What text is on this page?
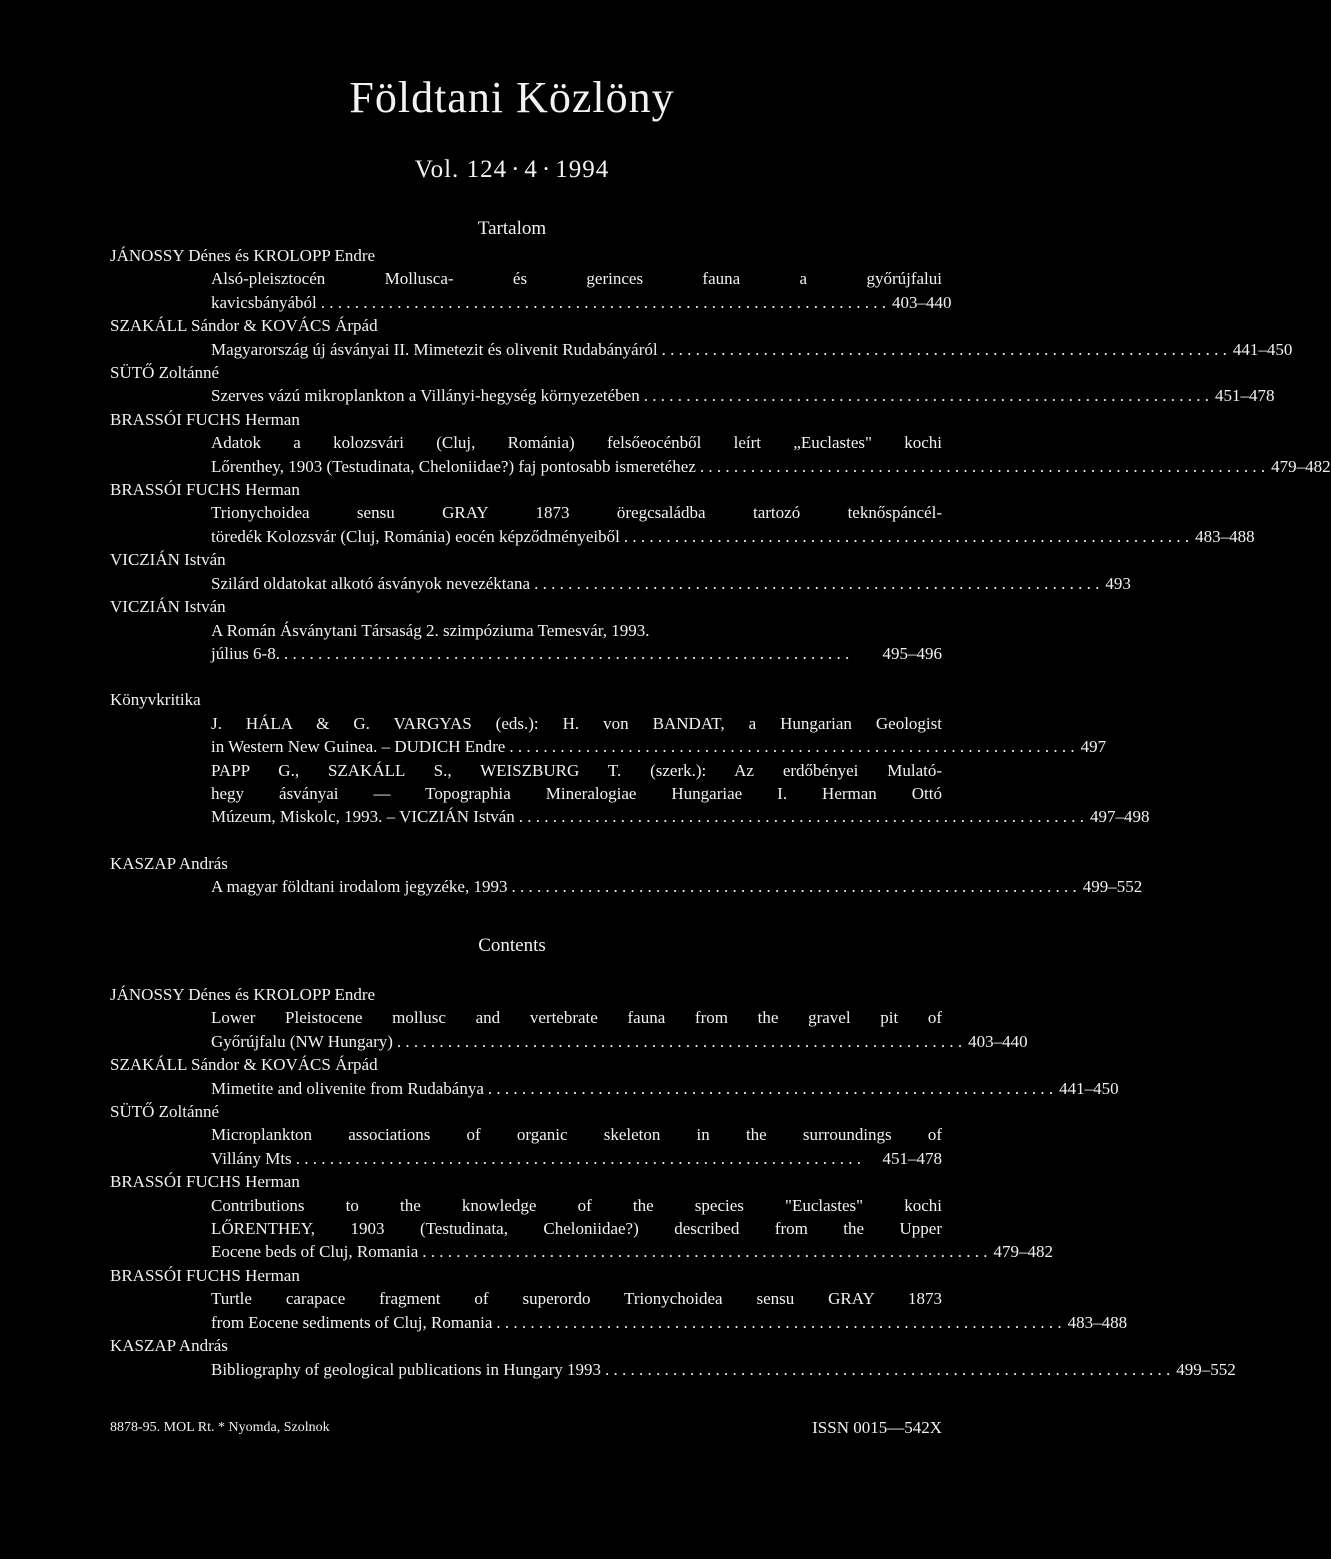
Földtani Közlöny
Vol. 124 · 4 · 1994
Tartalom
JÁNOSSY Dénes és KROLOPP Endre
Alsó-pleisztocén Mollusca- és gerinces fauna a győrújfalui
kavicsbányából . . .	403–440
SZAKÁLL Sándor & KOVÁCS Árpád
Magyarország új ásványai II. Mimetezit és olivenit Rudabányáról . . .	441–450
SÜTŐ Zoltánné
Szerves vázú mikroplankton a Villányi-hegység környezetében . . .	451–478
BRASSÓI FUCHS Herman
Adatok a kolozsvári (Cluj, Románia) felsőeocénből leírt „Euclastes" kochi
Lőrenthey, 1903 (Testudinata, Cheloniidae?) faj pontosabb ismeretéhez . . .	479–482
BRASSÓI FUCHS Herman
Trionychoidea sensu GRAY 1873 öregcsaládba tartozó teknőspáncél-
töredék Kolozsvár (Cluj, Románia) eocén képződményeiből . . .	483–488
VICZIÁN István
Szilárd oldatokat alkotó ásványok nevezéktana . . .	493
VICZIÁN István
A Román Ásványtani Társaság 2. szimpóziuma Temesvár, 1993.
július 6-8. . . .	495–496
Könyvkritika
J. HÁLA & G. VARGYAS (eds.): H. von BANDAT, a Hungarian Geologist
in Western New Guinea. – DUDICH Endre . . .	497
PAPP G., SZAKÁLL S., WEISZBURG T. (szerk.): Az erdőbényei Mulató-
hegy ásványai — Topographia Mineralogiae Hungariae I. Herman Ottó
Múzeum, Miskolc, 1993. – VICZIÁN István . . .	497–498
KASZAP András
A magyar földtani irodalom jegyzéke, 1993 . . .	499–552
Contents
JÁNOSSY Dénes és KROLOPP Endre
Lower Pleistocene mollusc and vertebrate fauna from the gravel pit of
Győrújfalu (NW Hungary) . . .	403–440
SZAKÁLL Sándor & KOVÁCS Árpád
Mimetite and olivenite from Rudabánya . . .	441–450
SÜTŐ Zoltánné
Microplankton associations of organic skeleton in the surroundings of
Villány Mts . . .	451–478
BRASSÓI FUCHS Herman
Contributions to the knowledge of the species "Euclastes" kochi
LŐRENTHEY, 1903 (Testudinata, Cheloniidae?) described from the Upper
Eocene beds of Cluj, Romania . . .	479–482
BRASSÓI FUCHS Herman
Turtle carapace fragment of superordo Trionychoidea sensu GRAY 1873
from Eocene sediments of Cluj, Romania . . .	483–488
KASZAP András
Bibliography of geological publications in Hungary 1993 . . .	499–552
8878-95. MOL Rt. * Nyomda, Szolnok	ISSN 0015—542X
